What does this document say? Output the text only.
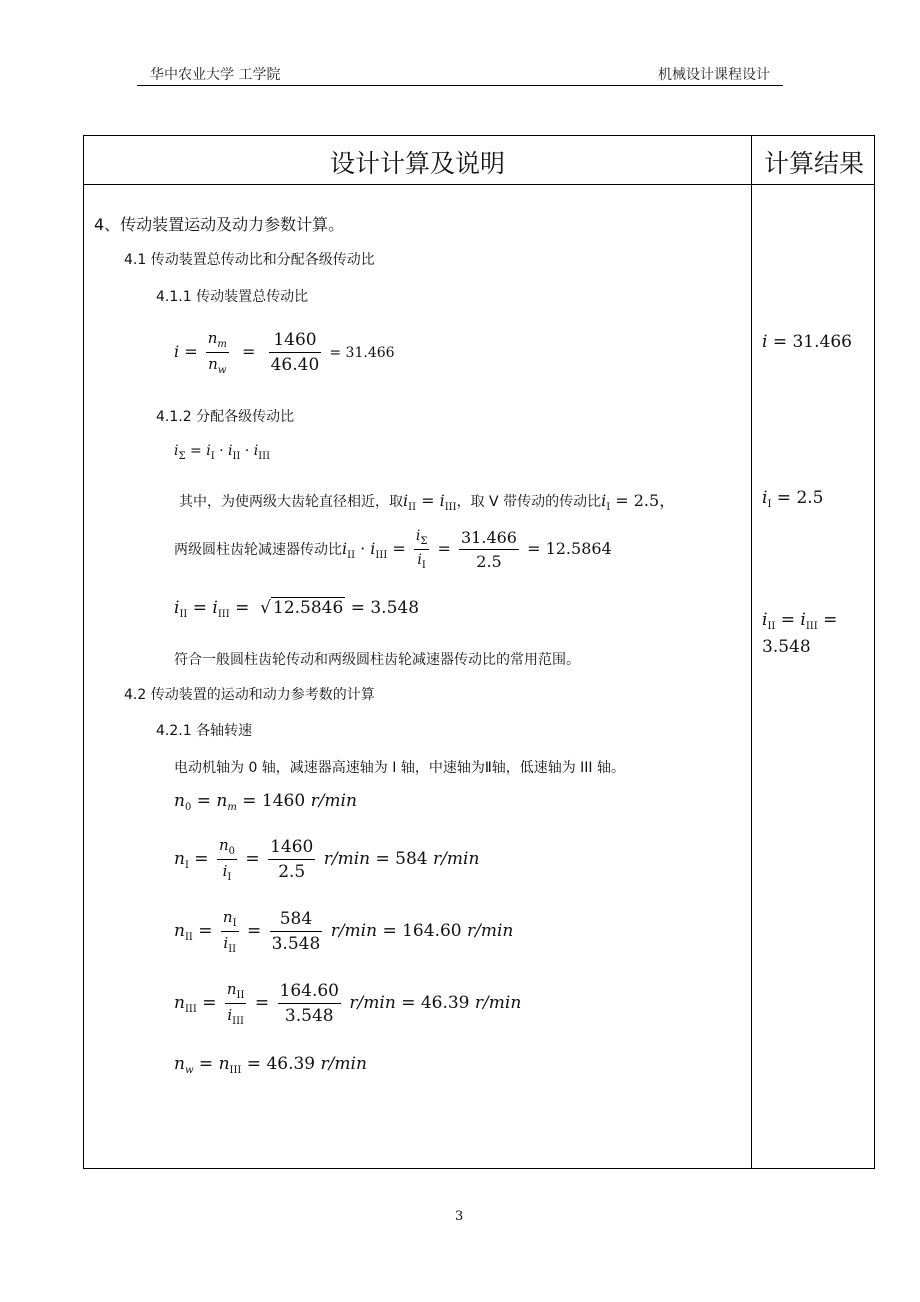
华中农业大学 工学院	机械设计课程设计
设计计算及说明	计算结果
4、传动装置运动及动力参数计算。
4.1 传动装置总传动比和分配各级传动比
4.1.1 传动装置总传动比
$i = \frac{n_m}{n_w} = \frac{1460}{46.40} = 31.466$
4.1.2 分配各级传动比
$i_\Sigma = i_I \cdot i_{II} \cdot i_{III}$
其中，为使两级大齿轮直径相近，取$i_{II} = i_{III}$，取 V 带传动的传动比$i_I = 2.5$，
两级圆柱齿轮减速器传动比$i_{II} \cdot i_{III} = \frac{i_\Sigma}{i_I} = \frac{31.466}{2.5} = 12.5864$
$i_{II} = i_{III}$ =  √ 12.5846 = 3.548
符合一般圆柱齿轮传动和两级圆柱齿轮减速器传动比的常用范围。
4.2 传动装置的运动和动力参考数的计算
4.2.1 各轴转速
电动机轴为 0 轴，减速器高速轴为 I 轴，中速轴为Ⅱ轴，低速轴为 III 轴。
$n_0 = n_m = 1460$ r/min
$n_I = \frac{n_0}{i_I} = \frac{1460}{2.5} r/\min = 584$ r/min
$n_{II} = \frac{n_I}{i_{II}} = \frac{584}{3.548} r/\min = 164.60$ r/min
$n_{III} = \frac{n_{II}}{i_{III}} = \frac{164.60}{3.548} r/\min = 46.39$ r/min
$n_w = n_{III} = 46.39$ r/min
i = 31.466
$i_I = 2.5$
$i_{II} = i_{III}$ =
3.548
3
